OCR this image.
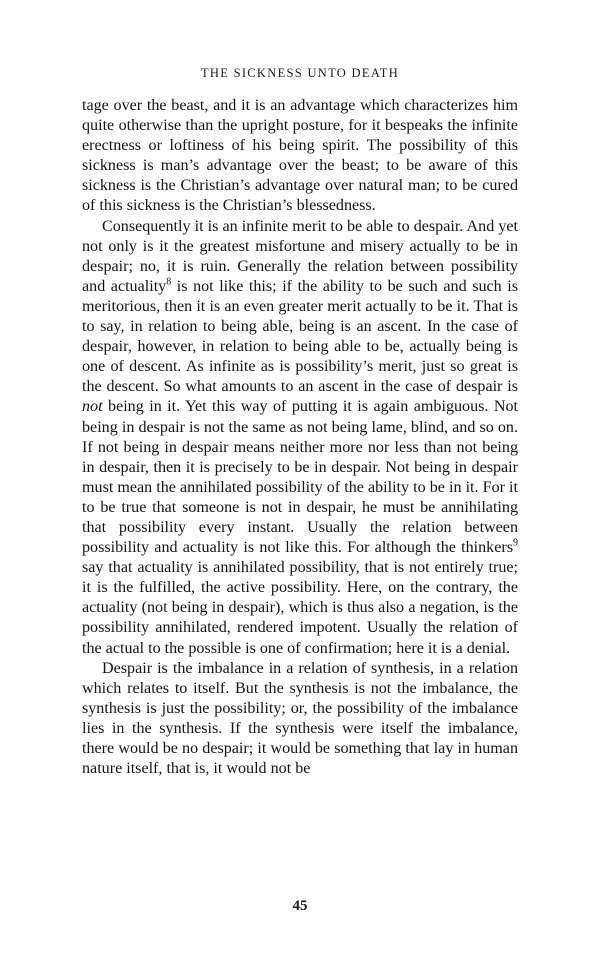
THE SICKNESS UNTO DEATH

tage over the beast, and it is an advantage which characterizes him quite otherwise than the upright posture, for it bespeaks the infinite erectness or loftiness of his being spirit. The possibility of this sickness is man’s advantage over the beast; to be aware of this sickness is the Christian’s advantage over natural man; to be cured of this sickness is the Christian’s blessedness.

Consequently it is an infinite merit to be able to despair. And yet not only is it the greatest misfortune and misery actually to be in despair; no, it is ruin. Generally the relation between possibility and actuality$^8$ is not like this; if the ability to be such and such is meritorious, then it is an even greater merit actually to be it. That is to say, in relation to being able, being is an ascent. In the case of despair, however, in relation to being able to be, actually being is one of descent. As infinite as is possibility’s merit, just so great is the descent. So what amounts to an ascent in the case of despair is not being in it. Yet this way of putting it is again ambiguous. Not being in despair is not the same as not being lame, blind, and so on. If not being in despair means neither more nor less than not being in despair, then it is precisely to be in despair. Not being in despair must mean the annihilated possibility of the ability to be in it. For it to be true that someone is not in despair, he must be annihilating that possibility every instant. Usually the relation between possibility and actuality is not like this. For although the thinkers$^9$ say that actuality is annihilated possibility, that is not entirely true; it is the fulfilled, the active possibility. Here, on the contrary, the actuality (not being in despair), which is thus also a negation, is the possibility annihilated, rendered impotent. Usually the relation of the actual to the possible is one of confirmation; here it is a denial.

Despair is the imbalance in a relation of synthesis, in a relation which relates to itself. But the synthesis is not the imbalance, the synthesis is just the possibility; or, the possibility of the imbalance lies in the synthesis. If the synthesis were itself the imbalance, there would be no despair; it would be something that lay in human nature itself, that is, it would not be

45
